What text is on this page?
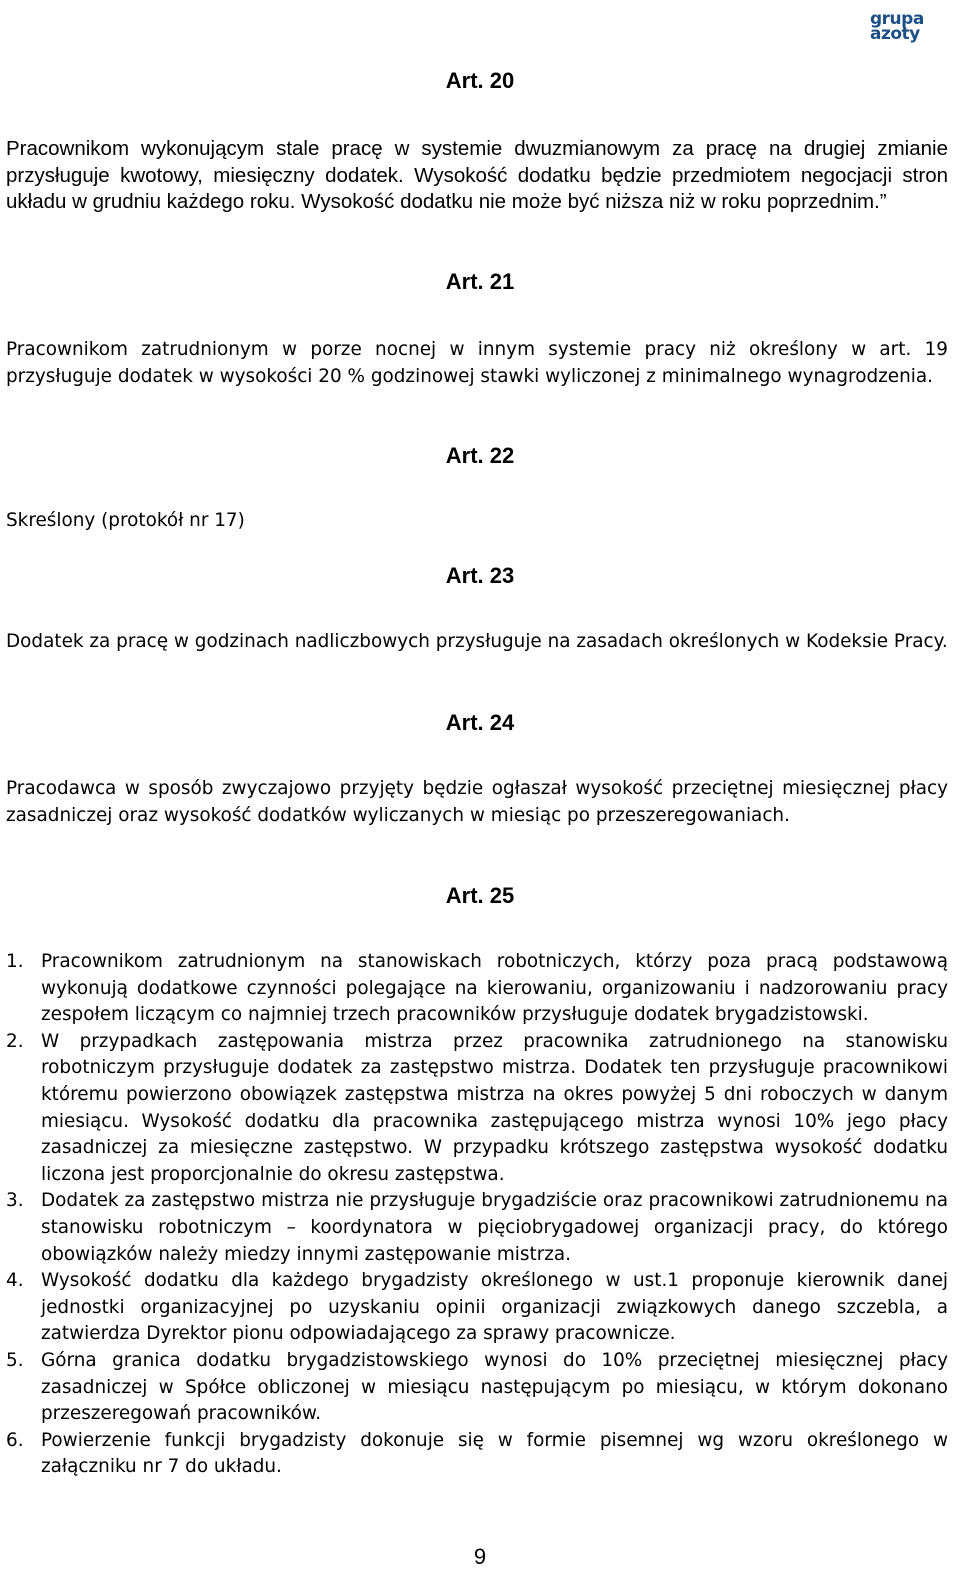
grupa
azoty
Art. 20
Pracownikom wykonującym stale pracę w systemie dwuzmianowym za pracę na drugiej zmianie przysługuje kwotowy, miesięczny dodatek. Wysokość dodatku będzie przedmiotem negocjacji stron układu w grudniu każdego roku. Wysokość dodatku nie może być niższa niż w roku poprzednim.”
Art. 21
Pracownikom zatrudnionym w porze nocnej w innym systemie pracy niż określony w art. 19 przysługuje dodatek w wysokości 20 % godzinowej stawki wyliczonej z minimalnego wynagrodzenia.
Art. 22
Skreślony (protokół nr 17)
Art. 23
Dodatek za pracę w godzinach nadliczbowych przysługuje na zasadach określonych w Kodeksie Pracy.
Art. 24
Pracodawca w sposób zwyczajowo przyjęty będzie ogłaszał wysokość przeciętnej miesięcznej płacy zasadniczej oraz wysokość dodatków wyliczanych w miesiąc po przeszeregowaniach.
Art. 25
1. Pracownikom zatrudnionym na stanowiskach robotniczych, którzy poza pracą podstawową wykonują dodatkowe czynności polegające na kierowaniu, organizowaniu i nadzorowaniu pracy zespołem liczącym co najmniej trzech pracowników przysługuje dodatek brygadzistowski.
2. W przypadkach zastępowania mistrza przez pracownika zatrudnionego na stanowisku robotniczym przysługuje dodatek za zastępstwo mistrza. Dodatek ten przysługuje pracownikowi któremu powierzono obowiązek zastępstwa mistrza na okres powyżej 5 dni roboczych w danym miesiącu. Wysokość dodatku dla pracownika zastępującego mistrza wynosi 10% jego płacy zasadniczej za miesięczne zastępstwo. W przypadku krótszego zastępstwa wysokość dodatku liczona jest proporcjonalnie do okresu zastępstwa.
3. Dodatek za zastępstwo mistrza nie przysługuje brygadziście oraz pracownikowi zatrudnionemu na stanowisku robotniczym – koordynatora w pięciobrygadowej organizacji pracy, do którego obowiązków należy miedzy innymi zastępowanie mistrza.
4. Wysokość dodatku dla każdego brygadzisty określonego w ust.1 proponuje kierownik danej jednostki organizacyjnej po uzyskaniu opinii organizacji związkowych danego szczebla, a zatwierdza Dyrektor pionu odpowiadającego za sprawy pracownicze.
5. Górna granica dodatku brygadzistowskiego wynosi do 10% przeciętnej miesięcznej płacy zasadniczej w Spółce obliczonej w miesiącu następującym po miesiącu, w którym dokonano przeszeregowań pracowników.
6. Powierzenie funkcji brygadzisty dokonuje się w formie pisemnej wg wzoru określonego w załączniku nr 7 do układu.
9
